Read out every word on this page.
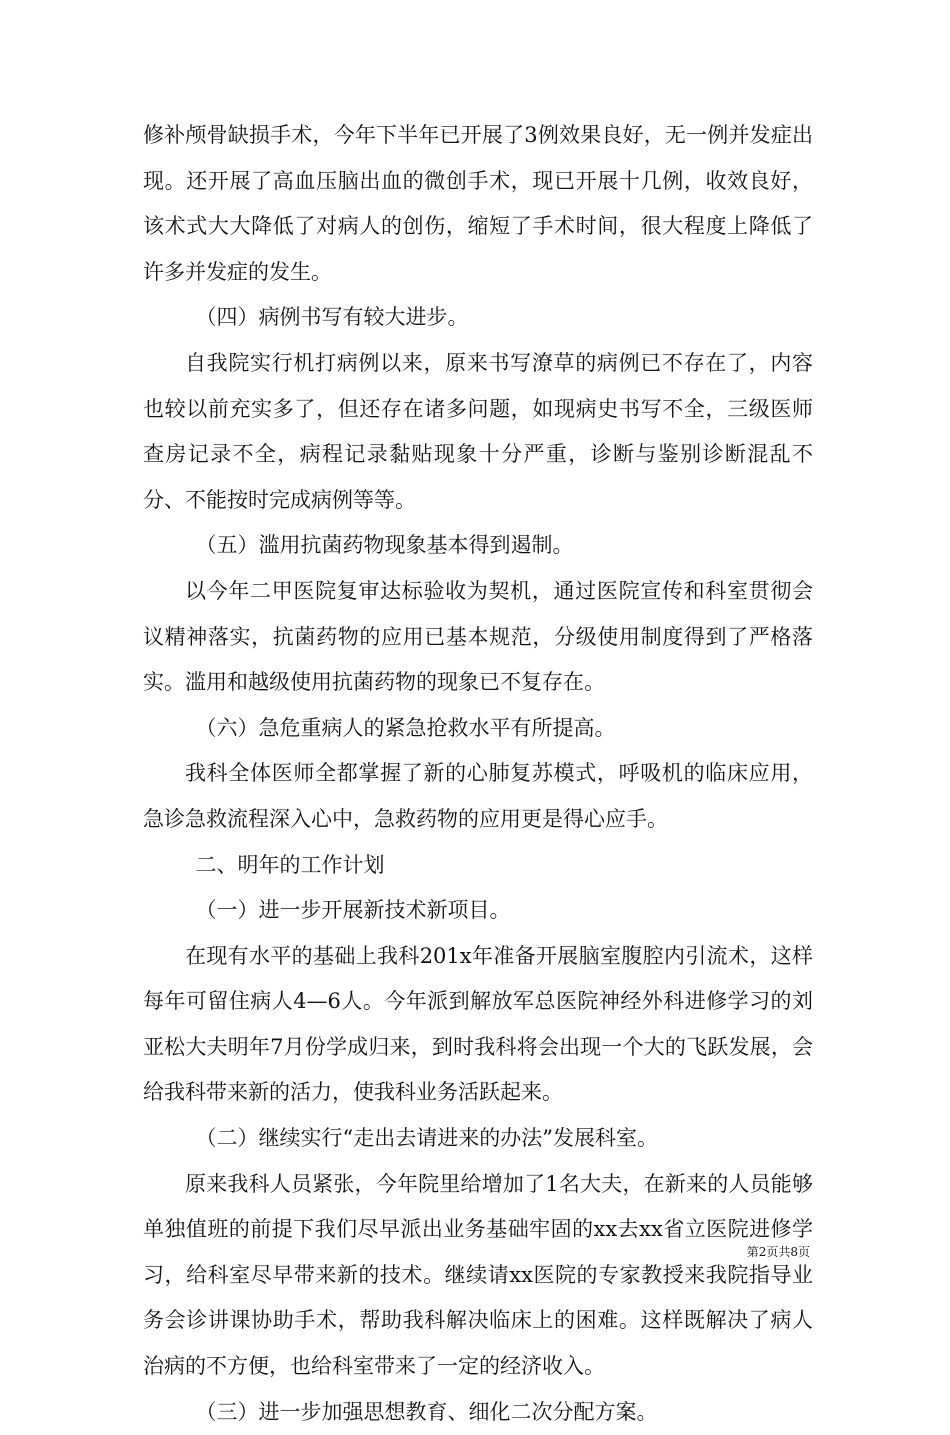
修补颅骨缺损手术，今年下半年已开展了3例效果良好，无一例并发症出现。还开展了高血压脑出血的微创手术，现已开展十几例，收效良好，该术式大大降低了对病人的创伤，缩短了手术时间，很大程度上降低了许多并发症的发生。

（四）病例书写有较大进步。

自我院实行机打病例以来，原来书写潦草的病例已不存在了，内容也较以前充实多了，但还存在诸多问题，如现病史书写不全，三级医师查房记录不全，病程记录黏贴现象十分严重，诊断与鉴别诊断混乱不分、不能按时完成病例等等。

（五）滥用抗菌药物现象基本得到遏制。

以今年二甲医院复审达标验收为契机，通过医院宣传和科室贯彻会议精神落实，抗菌药物的应用已基本规范，分级使用制度得到了严格落实。滥用和越级使用抗菌药物的现象已不复存在。

（六）急危重病人的紧急抢救水平有所提高。

我科全体医师全都掌握了新的心肺复苏模式，呼吸机的临床应用，急诊急救流程深入心中，急救药物的应用更是得心应手。

二、明年的工作计划

（一）进一步开展新技术新项目。

在现有水平的基础上我科201x年准备开展脑室腹腔内引流术，这样每年可留住病人4—6人。今年派到解放军总医院神经外科进修学习的刘亚松大夫明年7月份学成归来，到时我科将会出现一个大的飞跃发展，会给我科带来新的活力，使我科业务活跃起来。

（二）继续实行“走出去请进来的办法”发展科室。

原来我科人员紧张，今年院里给增加了1名大夫，在新来的人员能够单独值班的前提下我们尽早派出业务基础牢固的xx去xx省立医院进修学习，给科室尽早带来新的技术。继续请xx医院的专家教授来我院指导业务会诊讲课协助手术，帮助我科解决临床上的困难。这样既解决了病人治病的不方便，也给科室带来了一定的经济收入。

（三）进一步加强思想教育、细化二次分配方案。

第2页共8页
